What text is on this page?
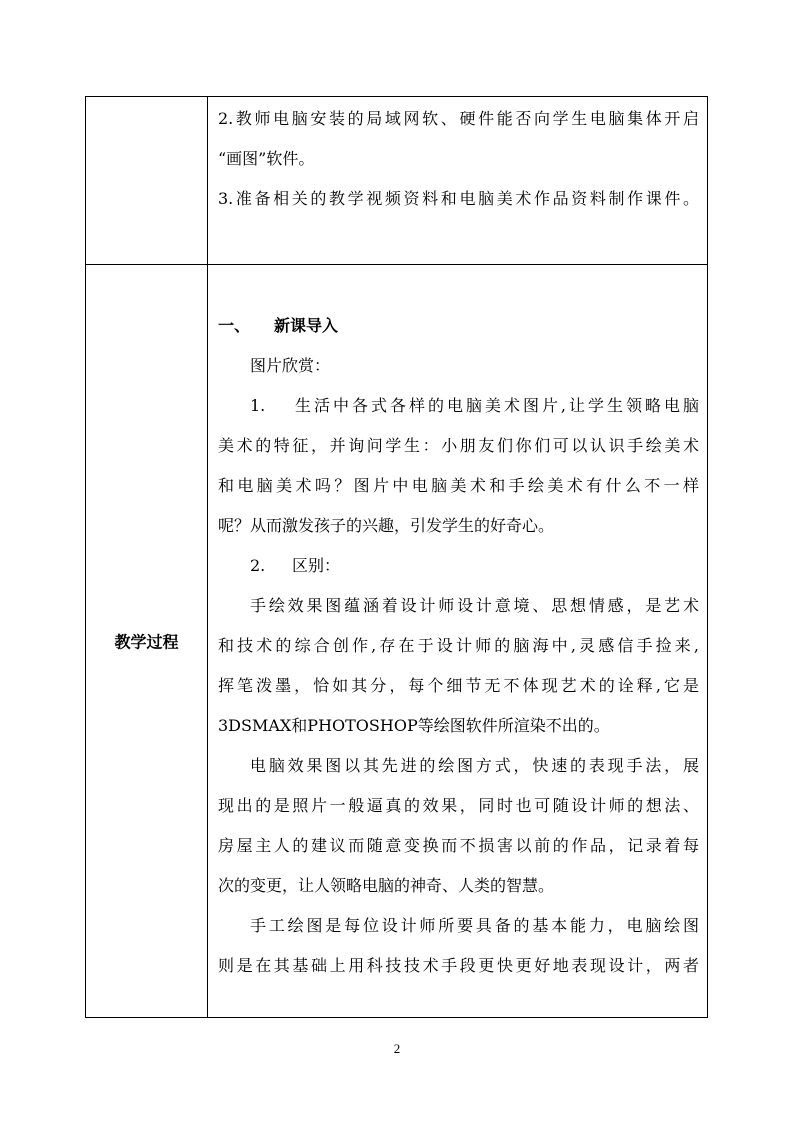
2.教师电脑安装的局域网软、硬件能否向学生电脑集体开启
“画图”软件。
3.准备相关的教学视频资料和电脑美术作品资料制作课件。
教学过程
一、 新课导入
图片欣赏：
1. 生活中各式各样的电脑美术图片,让学生领略电脑
美术的特征，并询问学生：小朋友们你们可以认识手绘美术
和电脑美术吗？图片中电脑美术和手绘美术有什么不一样
呢？从而激发孩子的兴趣，引发学生的好奇心。
2. 区别：
手绘效果图蕴涵着设计师设计意境、思想情感，是艺术
和技术的综合创作,存在于设计师的脑海中,灵感信手捡来,
挥笔泼墨，恰如其分，每个细节无不体现艺术的诠释,它是
3DSMAX和PHOTOSHOP等绘图软件所渲染不出的。
电脑效果图以其先进的绘图方式，快速的表现手法，展
现出的是照片一般逼真的效果，同时也可随设计师的想法、
房屋主人的建议而随意变换而不损害以前的作品，记录着每
次的变更，让人领略电脑的神奇、人类的智慧。
手工绘图是每位设计师所要具备的基本能力，电脑绘图
则是在其基础上用科技技术手段更快更好地表现设计，两者
2
